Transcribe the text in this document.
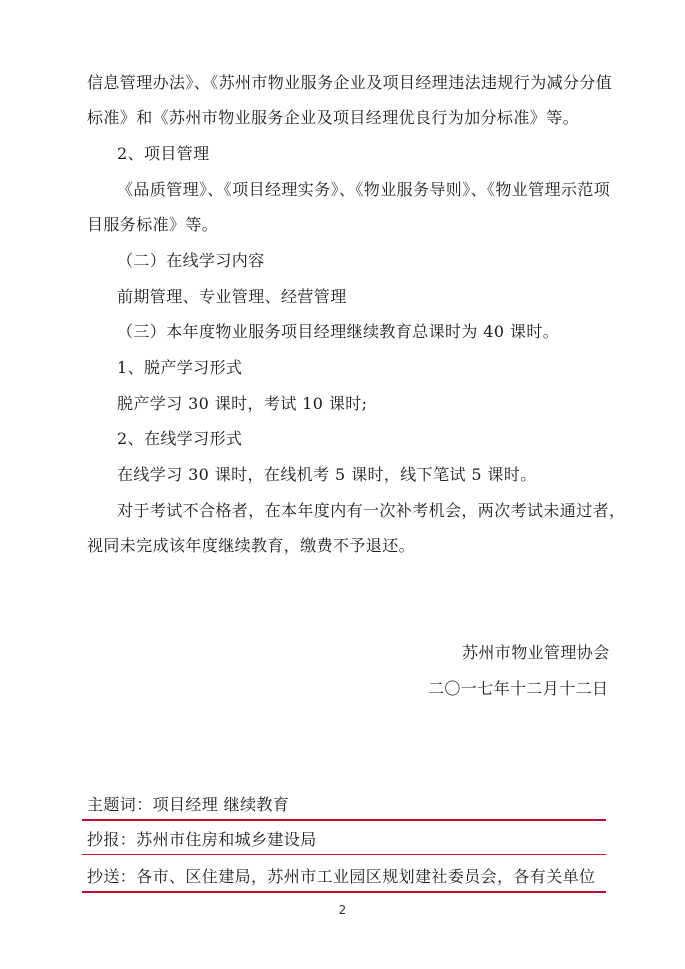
信息管理办法》、《苏州市物业服务企业及项目经理违法违规行为减分分值
标准》和《苏州市物业服务企业及项目经理优良行为加分标准》等。
2、项目管理
《品质管理》、《项目经理实务》、《物业服务导则》、《物业管理示范项
目服务标准》等。
（二）在线学习内容
前期管理、专业管理、经营管理
（三）本年度物业服务项目经理继续教育总课时为 40 课时。
1、脱产学习形式
脱产学习 30 课时，考试 10 课时;
2、在线学习形式
在线学习 30 课时，在线机考 5 课时，线下笔试 5 课时。
对于考试不合格者，在本年度内有一次补考机会，两次考试未通过者，
视同未完成该年度继续教育，缴费不予退还。
苏州市物业管理协会
二〇一七年十二月十二日
主题词：项目经理 继续教育
抄报：苏州市住房和城乡建设局
抄送：各市、区住建局，苏州市工业园区规划建社委员会，各有关单位
2
